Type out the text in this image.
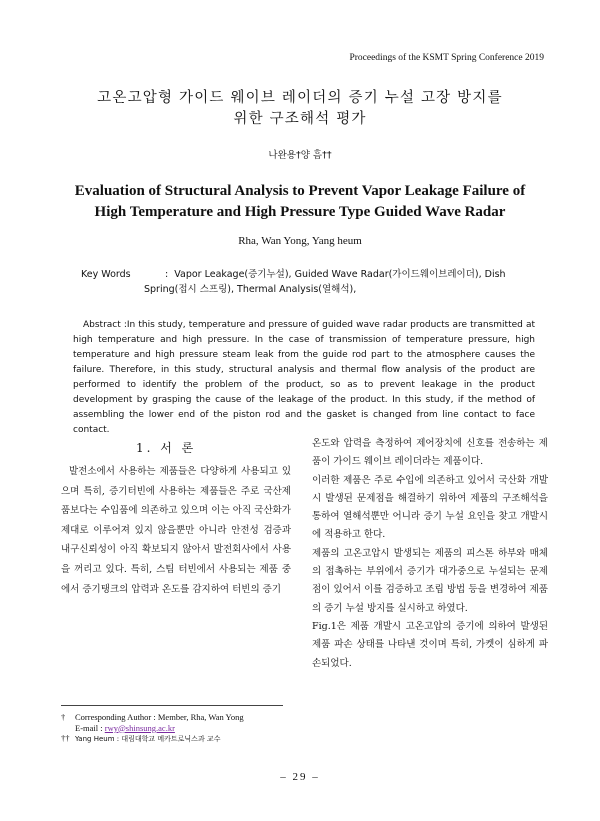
Proceedings of the KSMT Spring Conference 2019
고온고압형 가이드 웨이브 레이더의 증기 누설 고장 방지를
위한 구조해석 평가
나완용†양 흠††
Evaluation of Structural Analysis to Prevent Vapor Leakage Failure of
High Temperature and High Pressure Type Guided Wave Radar
Rha, Wan Yong, Yang heum
Key Words	: Vapor Leakage(증기누설), Guided Wave Radar(가이드웨이브레이더), Dish
Spring(접시 스프링), Thermal Analysis(열해석),
Abstract :In this study, temperature and pressure of guided wave radar products are transmitted at high temperature and high pressure. In the case of transmission of temperature pressure, high temperature and high pressure steam leak from the guide rod part to the atmosphere causes the failure. Therefore, in this study, structural analysis and thermal flow analysis of the product are performed to identify the problem of the product, so as to prevent leakage in the product development by grasping the cause of the leakage of the product. In this study, if the method of assembling the lower end of the piston rod and the gasket is changed from line contact to face contact.
1. 서 론

발전소에서 사용하는 제품들은 다양하게 사용되고 있으며 특히, 증기터빈에 사용하는 제품들은 주로 국산제품보다는 수입품에 의존하고 있으며 이는 아직 국산화가 제대로 이루어져 있지 않을뿐만 아니라 안전성 검증과 내구신뢰성이 아직 확보되지 않아서 발전회사에서 사용을 꺼리고 있다. 특히, 스팀 터빈에서 사용되는 제품 중에서 증기탱크의 압력과 온도를 감지하여 터빈의 증기

온도와 압력을 측정하여 제어장치에 신호를 전송하는 제품이 가이드 웨이브 레이더라는 제품이다.

이러한 제품은 주로 수입에 의존하고 있어서 국산화 개발시 발생된 문제점을 해결하기 위하여 제품의 구조해석을 통하여 열해석뿐만 어니라 증기 누설 요인을 찾고 개발시에 적용하고 한다.

제품의 고온고압시 발생되는 제품의 피스톤 하부와 매체의 접촉하는 부위에서 증기가 대가중으로 누설되는 문제점이 있어서 이를 검증하고 조립 방법 등을 변경하여 제품의 증기 누설 방지를 실시하고 하였다.

Fig.1은 제품 개발시 고온고압의 증기에 의하여 발생된 제품 파손 상태를 나타낸 것이며 특히, 가켓이 심하게 파손되었다.

† Corresponding Author : Member, Rha, Wan Yong
E-mail : rwy@shinsung.ac.kr
†† Yang Heum : 대림대학교 메카트로닉스과 교수
– 29 –
